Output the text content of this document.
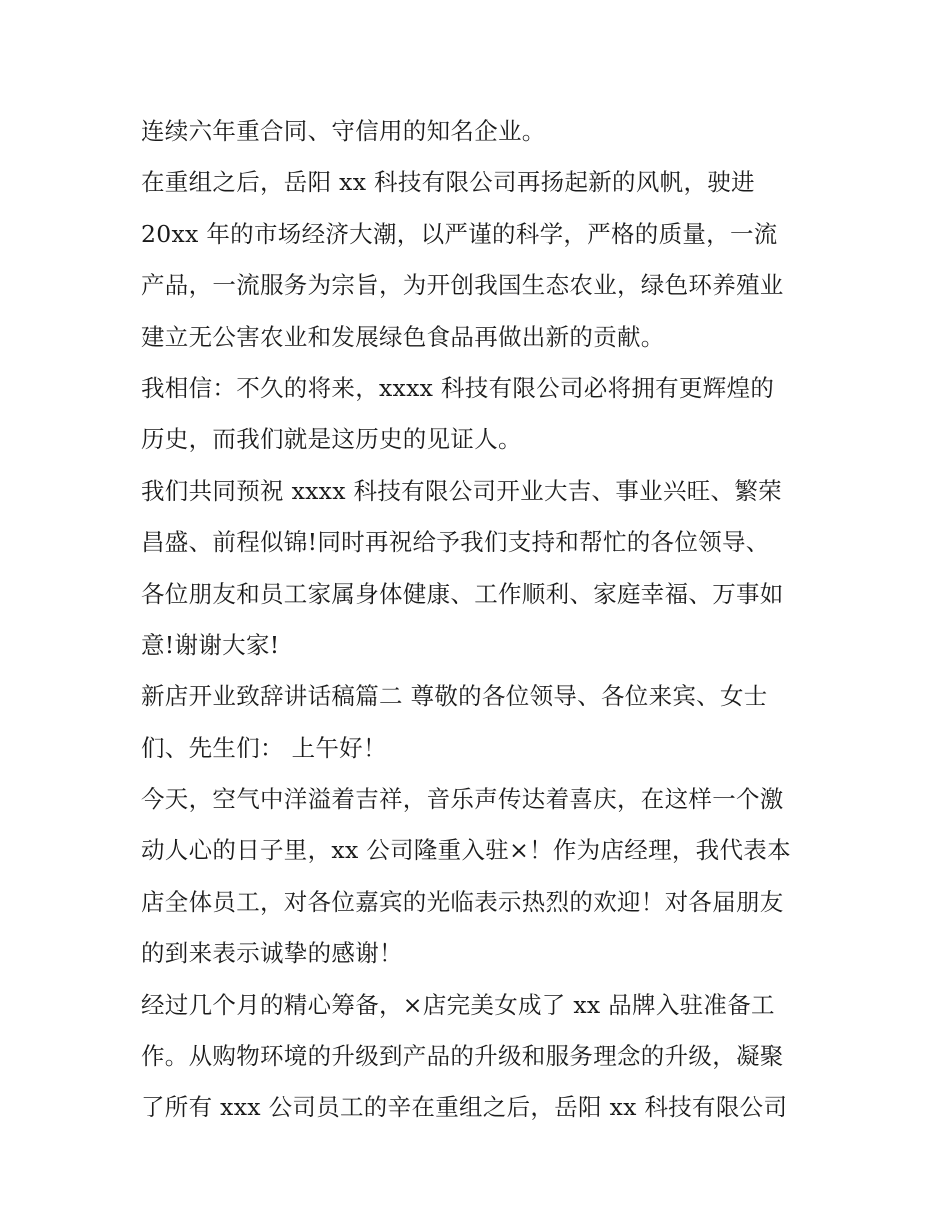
连续六年重合同、守信用的知名企业。
在重组之后，岳阳 xx 科技有限公司再扬起新的风帆，驶进
20xx 年的市场经济大潮，以严谨的科学，严格的质量，一流
产品，一流服务为宗旨，为开创我国生态农业，绿色环养殖业
建立无公害农业和发展绿色食品再做出新的贡献。
我相信：不久的将来，xxxx 科技有限公司必将拥有更辉煌的
历史，而我们就是这历史的见证人。
我们共同预祝 xxxx 科技有限公司开业大吉、事业兴旺、繁荣
昌盛、前程似锦!同时再祝给予我们支持和帮忙的各位领导、
各位朋友和员工家属身体健康、工作顺利、家庭幸福、万事如
意!谢谢大家!
新店开业致辞讲话稿篇二 尊敬的各位领导、各位来宾、女士
们、先生们： 上午好！
今天，空气中洋溢着吉祥，音乐声传达着喜庆，在这样一个激
动人心的日子里，xx 公司隆重入驻×！作为店经理，我代表本
店全体员工，对各位嘉宾的光临表示热烈的欢迎！对各届朋友
的到来表示诚挚的感谢！
经过几个月的精心筹备，×店完美女成了 xx 品牌入驻准备工
作。从购物环境的升级到产品的升级和服务理念的升级，凝聚
了所有 xxx 公司员工的辛在重组之后，岳阳 xx 科技有限公司
